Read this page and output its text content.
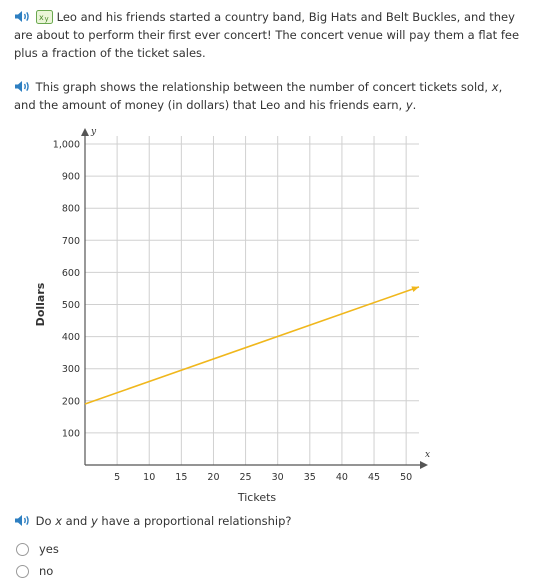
x y Leo and his friends started a country band, Big Hats and Belt Buckles, and they are about to perform their first ever concert! The concert venue will pay them a flat fee plus a fraction of the ticket sales.
This graph shows the relationship between the number of concert tickets sold, x, and the amount of money (in dollars) that Leo and his friends earn, y.
5 10 15 20 25 30 35 40 45 50
100
200
300
400
500
600
700
800
900
1,000
Dollars
Tickets
y
x
Do x and y have a proportional relationship?
yes
no
